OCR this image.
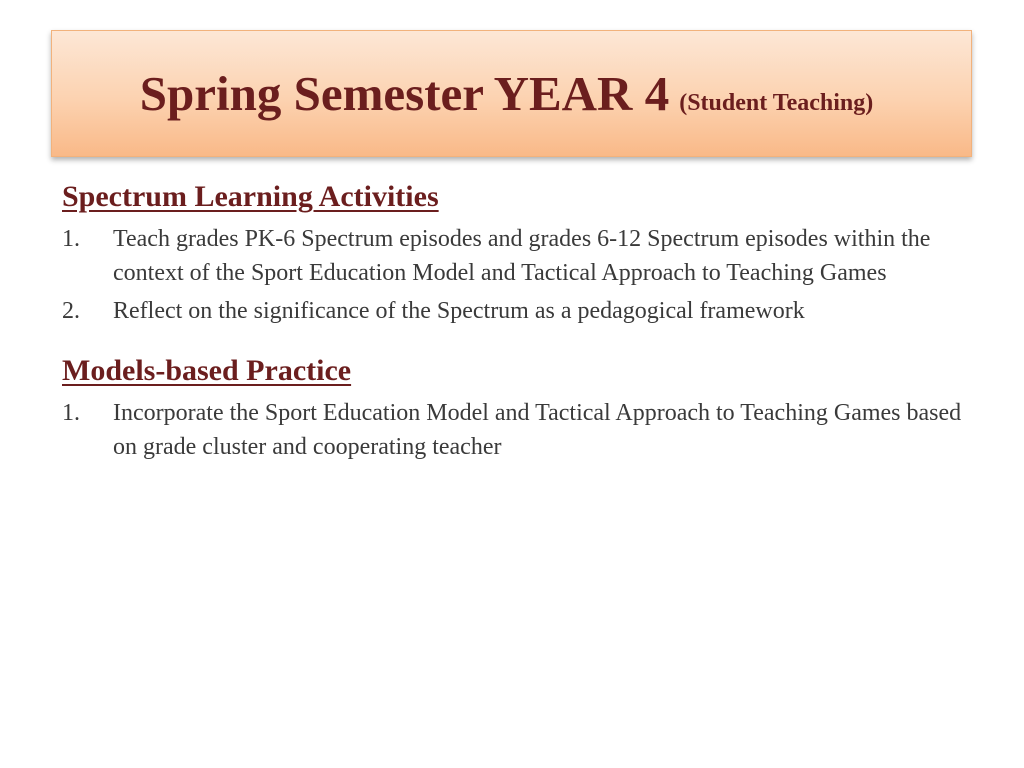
Spring Semester YEAR 4 (Student Teaching)
Spectrum Learning Activities
1. Teach grades PK-6 Spectrum episodes and grades 6-12 Spectrum episodes within the context of the Sport Education Model and Tactical Approach to Teaching Games
2. Reflect on the significance of the Spectrum as a pedagogical framework
Models-based Practice
1. Incorporate the Sport Education Model and Tactical Approach to Teaching Games based on grade cluster and cooperating teacher
